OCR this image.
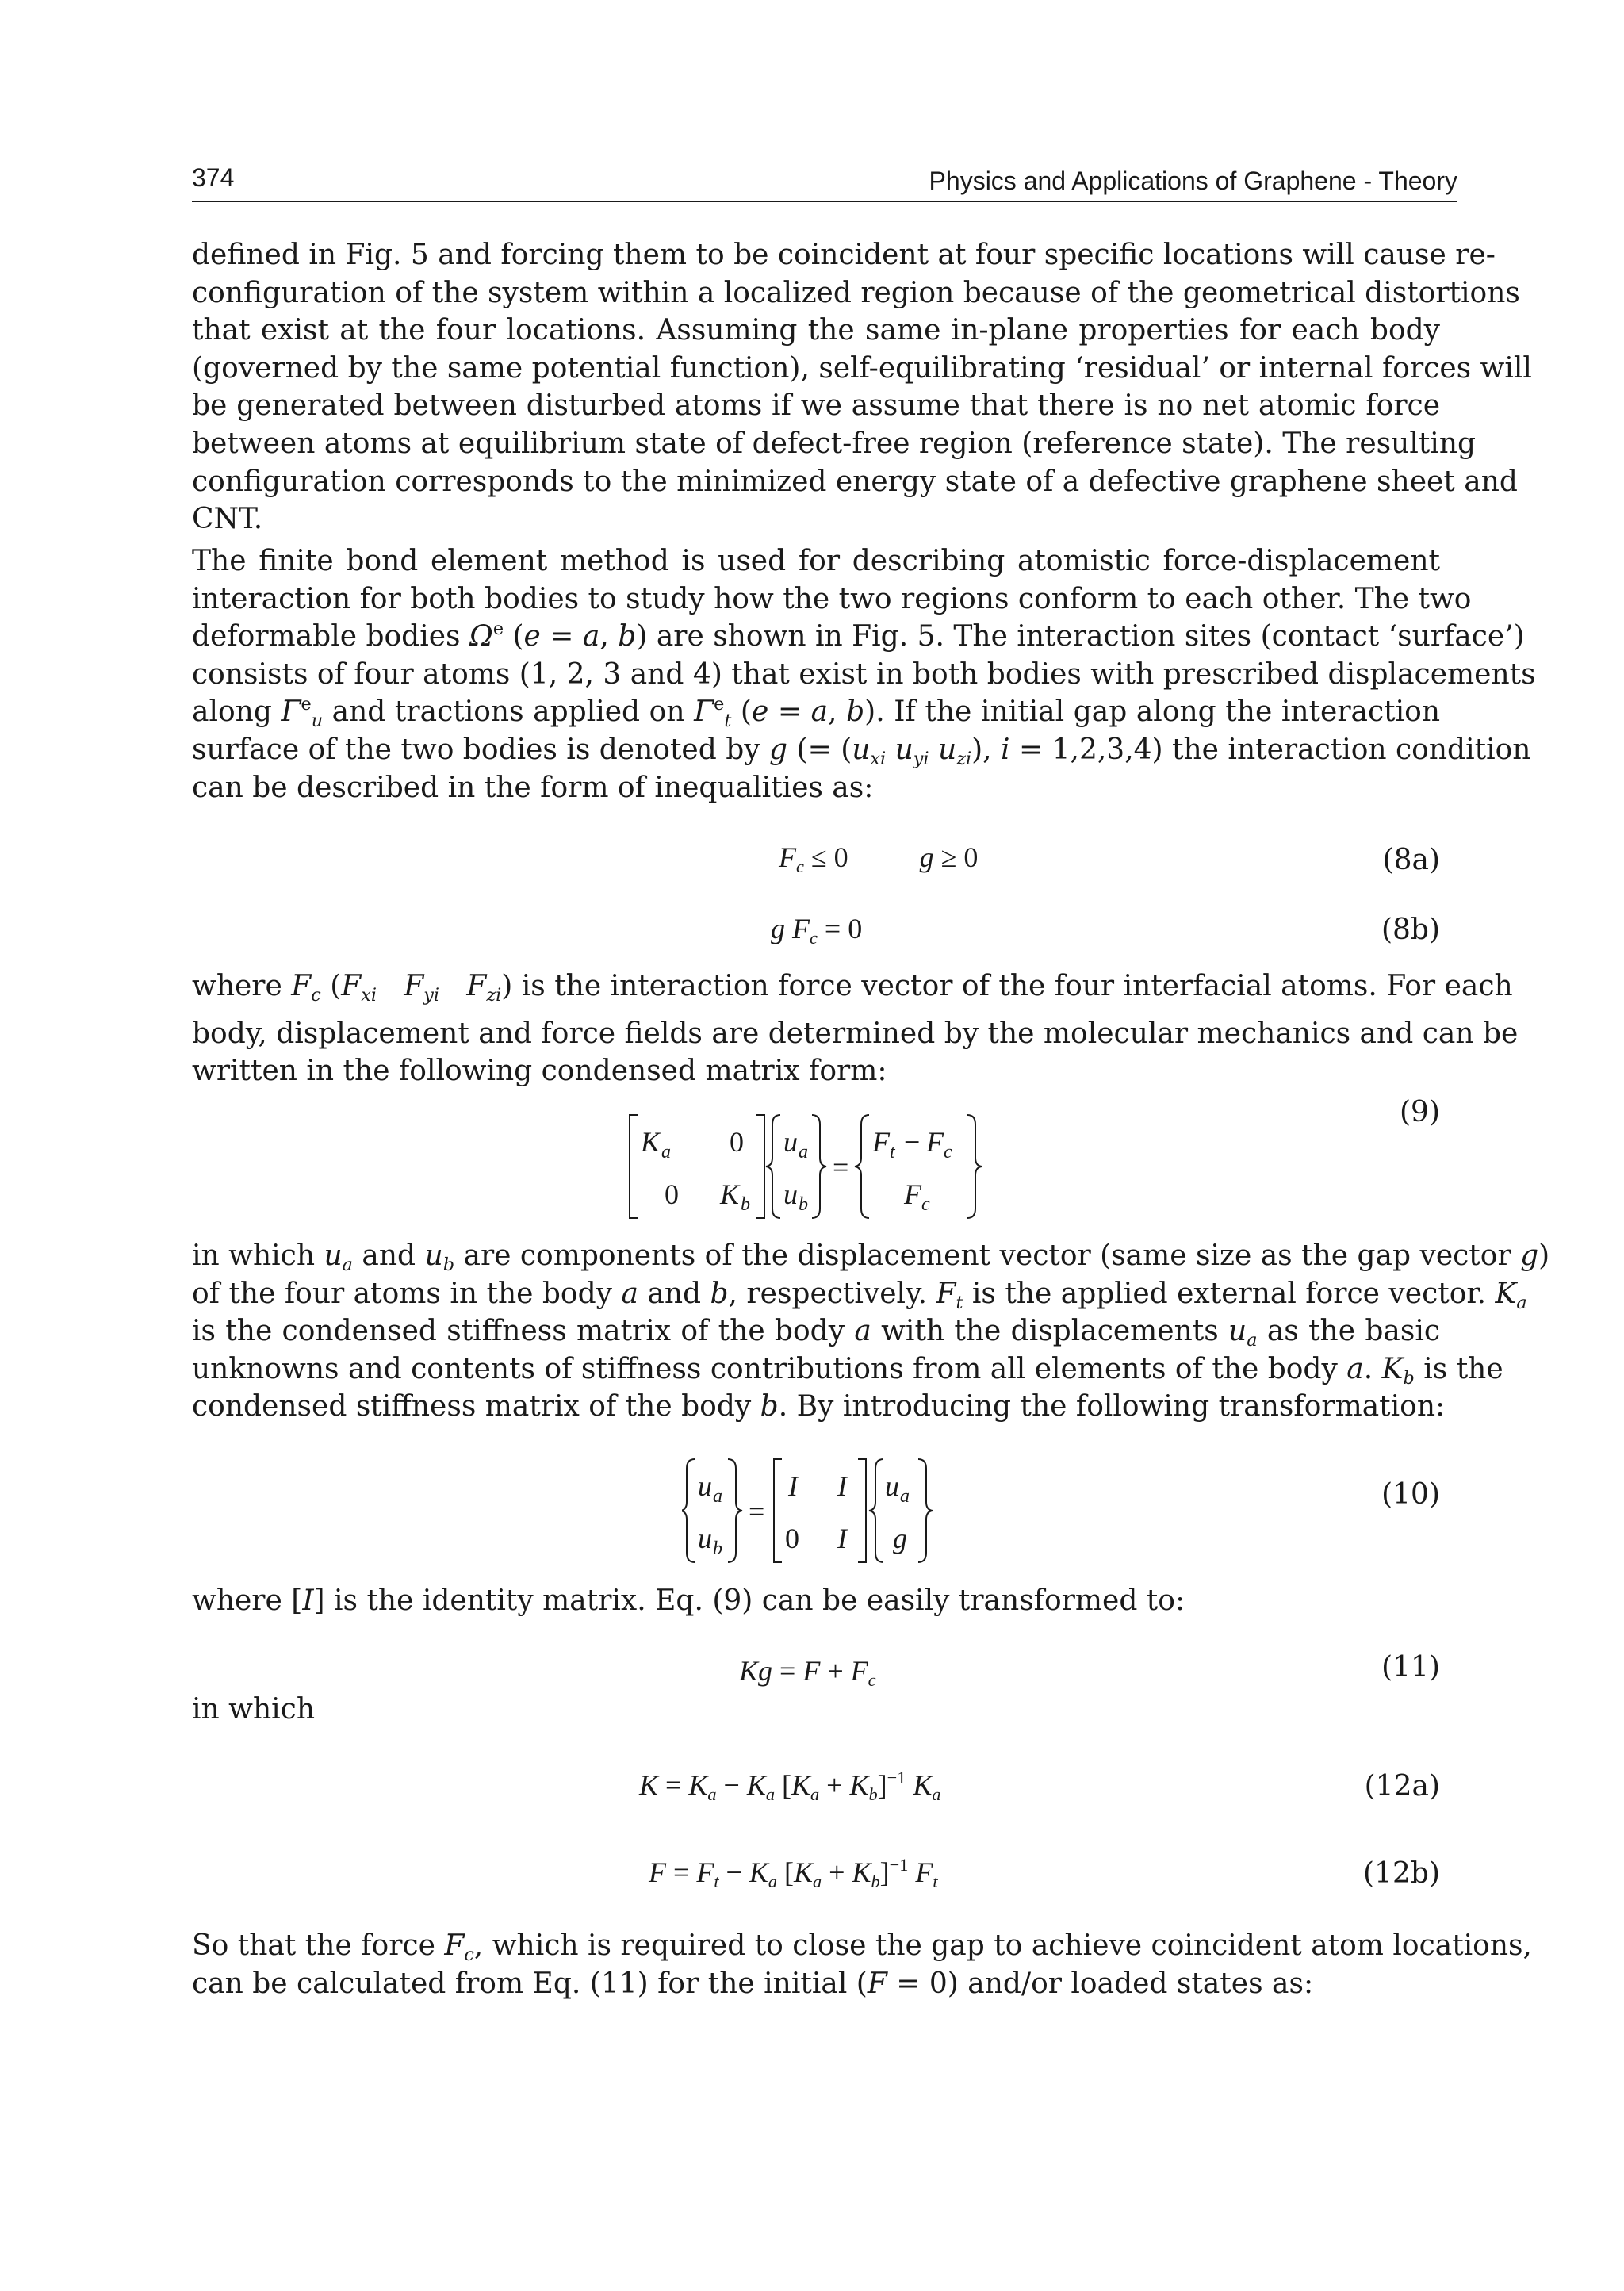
374	Physics and Applications of Graphene - Theory
defined in Fig. 5 and forcing them to be coincident at four specific locations will cause re-
configuration of the system within a localized region because of the geometrical distortions
that exist at the four locations. Assuming the same in-plane properties for each body
(governed by the same potential function), self-equilibrating ‘residual’ or internal forces will
be generated between disturbed atoms if we assume that there is no net atomic force
between atoms at equilibrium state of defect-free region (reference state). The resulting
configuration corresponds to the minimized energy state of a defective graphene sheet and
CNT.
The finite bond element method is used for describing atomistic force-displacement
interaction for both bodies to study how the two regions conform to each other. The two
deformable bodies $\Omega^e$ (e = a, b) are shown in Fig. 5. The interaction sites (contact ‘surface’)
consists of four atoms (1, 2, 3 and 4) that exist in both bodies with prescribed displacements
along $\Gamma^e_u$ and tractions applied on $\Gamma^e_t$ (e = a, b). If the initial gap along the interaction
surface of the two bodies is denoted by g (= ($u_{xi}$ $u_{yi}$ $u_{zi}$), i = 1,2,3,4) the interaction condition
can be described in the form of inequalities as:
$F_c \le 0$	g ≥ 0	(8a)
g $F_c = 0$	(8b)
where $F_c$ ($F_{xi}$ $F_{yi}$ $F_{zi}$) is the interaction force vector of the four interfacial atoms. For each
body, displacement and force fields are determined by the molecular mechanics and can be
written in the following condensed matrix form:
K a 0
0 K b
u a
u b
=
F t − F c
F c
(9)
in which $u_a$ and $u_b$ are components of the displacement vector (same size as the gap vector g)
of the four atoms in the body a and b, respectively. $F_t$ is the applied external force vector. $K_a$
is the condensed stiffness matrix of the body a with the displacements $u_a$ as the basic
unknowns and contents of stiffness contributions from all elements of the body a. $K_b$ is the
condensed stiffness matrix of the body b. By introducing the following transformation:
u a
u b
=
I I
0 I
u a
g
(10)
where [I] is the identity matrix. Eq. (9) can be easily transformed to:
$Kg = F + F_c$	(11)
in which
$K = K_a - K_a$ $[K_a + K_b]^{-1}$ $K_a$	(12a)
$F = F_t - K_a$ $[K_a + K_b]^{-1}$ $F_t$	(12b)
So that the force $F_c$, which is required to close the gap to achieve coincident atom locations,
can be calculated from Eq. (11) for the initial (F = 0) and/or loaded states as:
